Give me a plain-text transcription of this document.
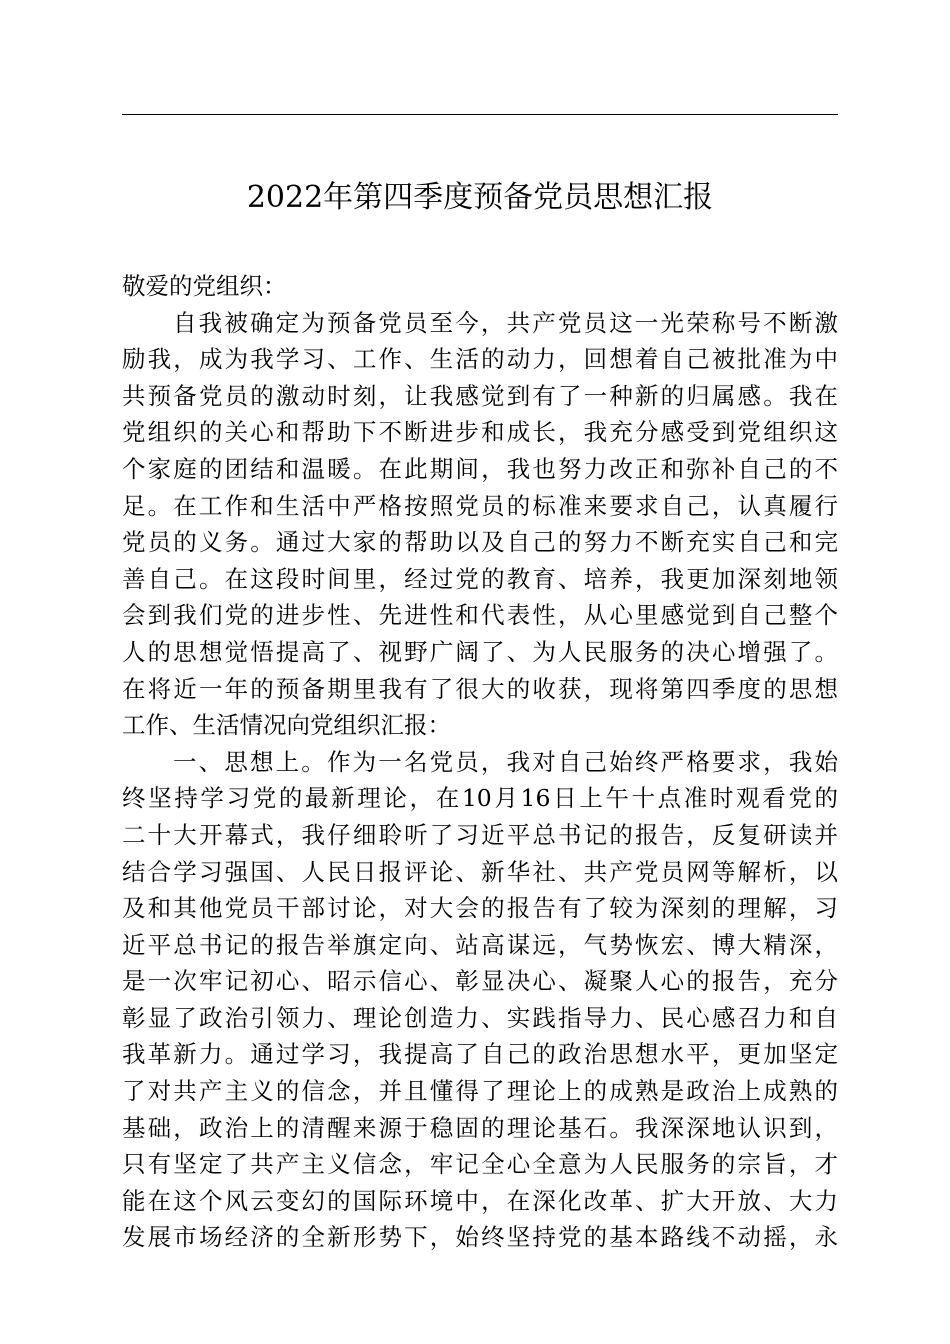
2022年第四季度预备党员思想汇报
敬爱的党组织：
自我被确定为预备党员至今，共产党员这一光荣称号不断激
励我，成为我学习、工作、生活的动力，回想着自己被批准为中
共预备党员的激动时刻，让我感觉到有了一种新的归属感。我在
党组织的关心和帮助下不断进步和成长，我充分感受到党组织这
个家庭的团结和温暖。在此期间，我也努力改正和弥补自己的不
足。在工作和生活中严格按照党员的标准来要求自己，认真履行
党员的义务。通过大家的帮助以及自己的努力不断充实自己和完
善自己。在这段时间里，经过党的教育、培养，我更加深刻地领
会到我们党的进步性、先进性和代表性，从心里感觉到自己整个
人的思想觉悟提高了、视野广阔了、为人民服务的决心增强了。
在将近一年的预备期里我有了很大的收获，现将第四季度的思想
工作、生活情况向党组织汇报：
一、思想上。作为一名党员，我对自己始终严格要求，我始
终坚持学习党的最新理论，在10月16日上午十点准时观看党的
二十大开幕式，我仔细聆听了习近平总书记的报告，反复研读并
结合学习强国、人民日报评论、新华社、共产党员网等解析，以
及和其他党员干部讨论，对大会的报告有了较为深刻的理解，习
近平总书记的报告举旗定向、站高谋远，气势恢宏、博大精深，
是一次牢记初心、昭示信心、彰显决心、凝聚人心的报告，充分
彰显了政治引领力、理论创造力、实践指导力、民心感召力和自
我革新力。通过学习，我提高了自己的政治思想水平，更加坚定
了对共产主义的信念，并且懂得了理论上的成熟是政治上成熟的
基础，政治上的清醒来源于稳固的理论基石。我深深地认识到，
只有坚定了共产主义信念，牢记全心全意为人民服务的宗旨，才
能在这个风云变幻的国际环境中，在深化改革、扩大开放、大力
发展市场经济的全新形势下，始终坚持党的基本路线不动摇，永
